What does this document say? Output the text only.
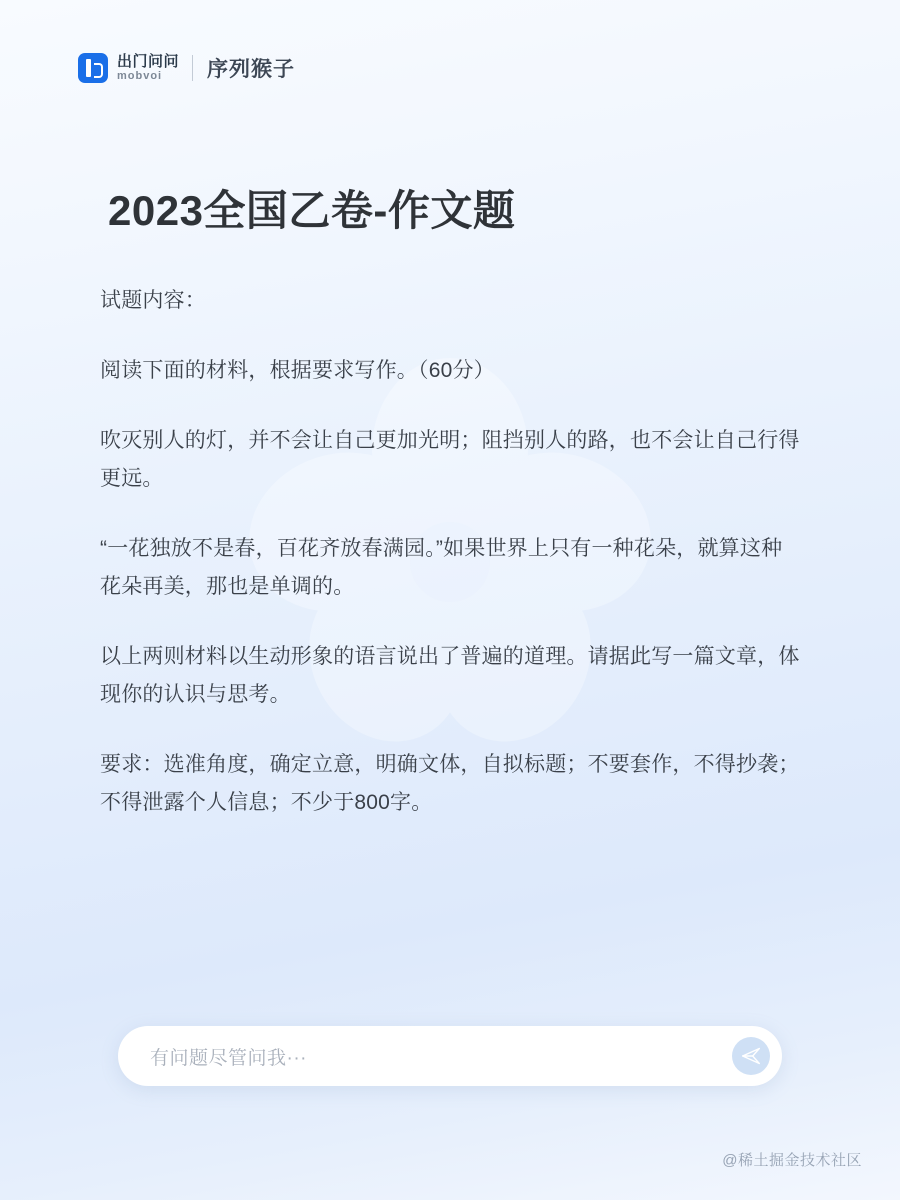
出门问问
mobvoi	序列猴子
2023全国乙卷-作文题

试题内容：

阅读下面的材料，根据要求写作。（60分）

吹灭别人的灯，并不会让自己更加光明；阻挡别人的路，也不会让自己行得更远。

“一花独放不是春，百花齐放春满园。”如果世界上只有一种花朵，就算这种花朵再美，那也是单调的。

以上两则材料以生动形象的语言说出了普遍的道理。请据此写一篇文章，体现你的认识与思考。

要求：选准角度，确定立意，明确文体，自拟标题；不要套作，不得抄袭；不得泄露个人信息；不少于800字。

有问题尽管问我···
@稀土掘金技术社区
